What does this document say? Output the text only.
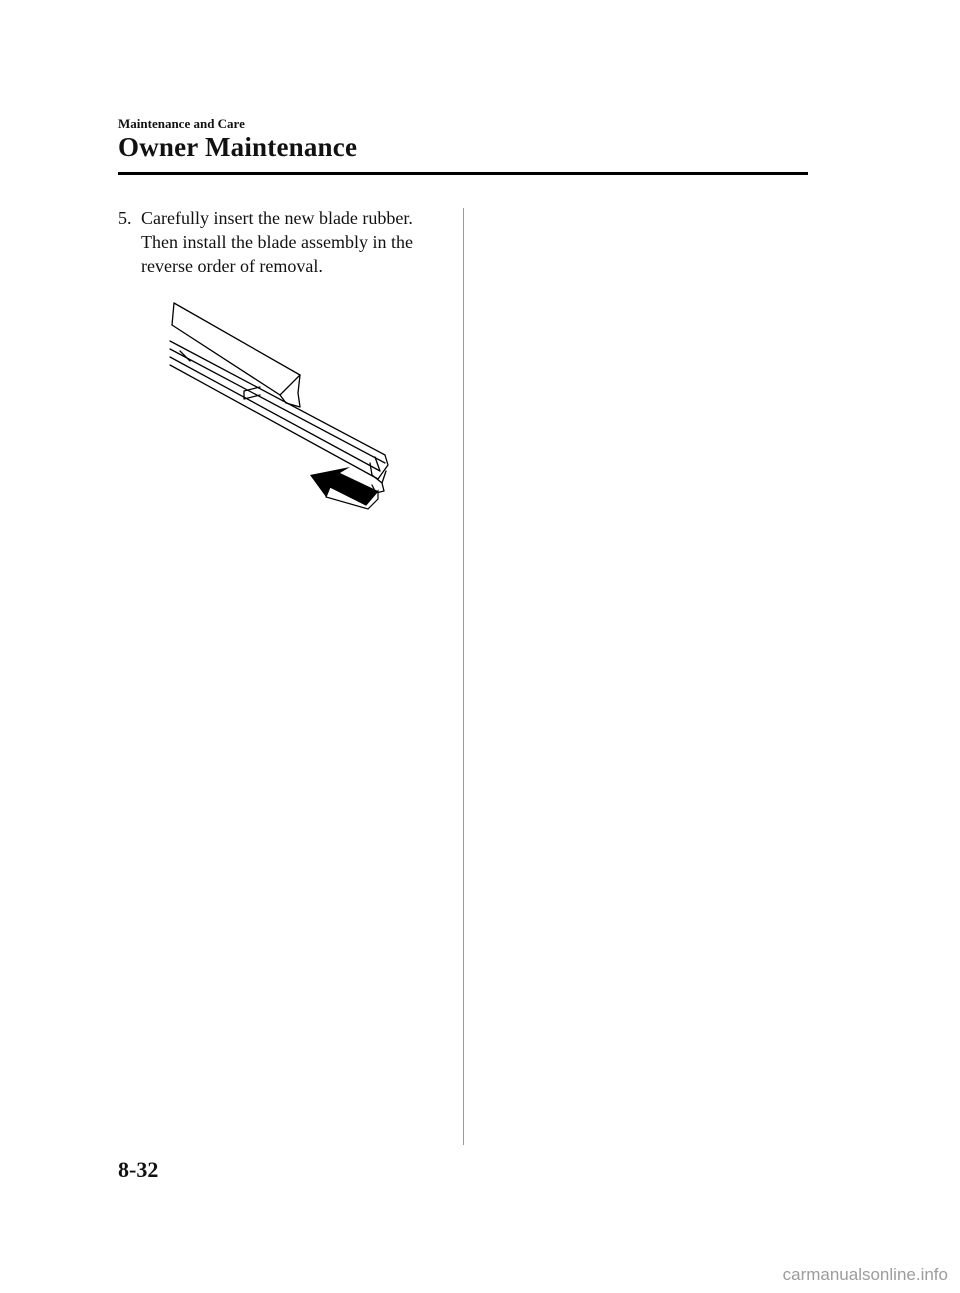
Maintenance and Care
Owner Maintenance
5. Carefully insert the new blade rubber.
Then install the blade assembly in the
reverse order of removal.
8-32
carmanualsonline.info
